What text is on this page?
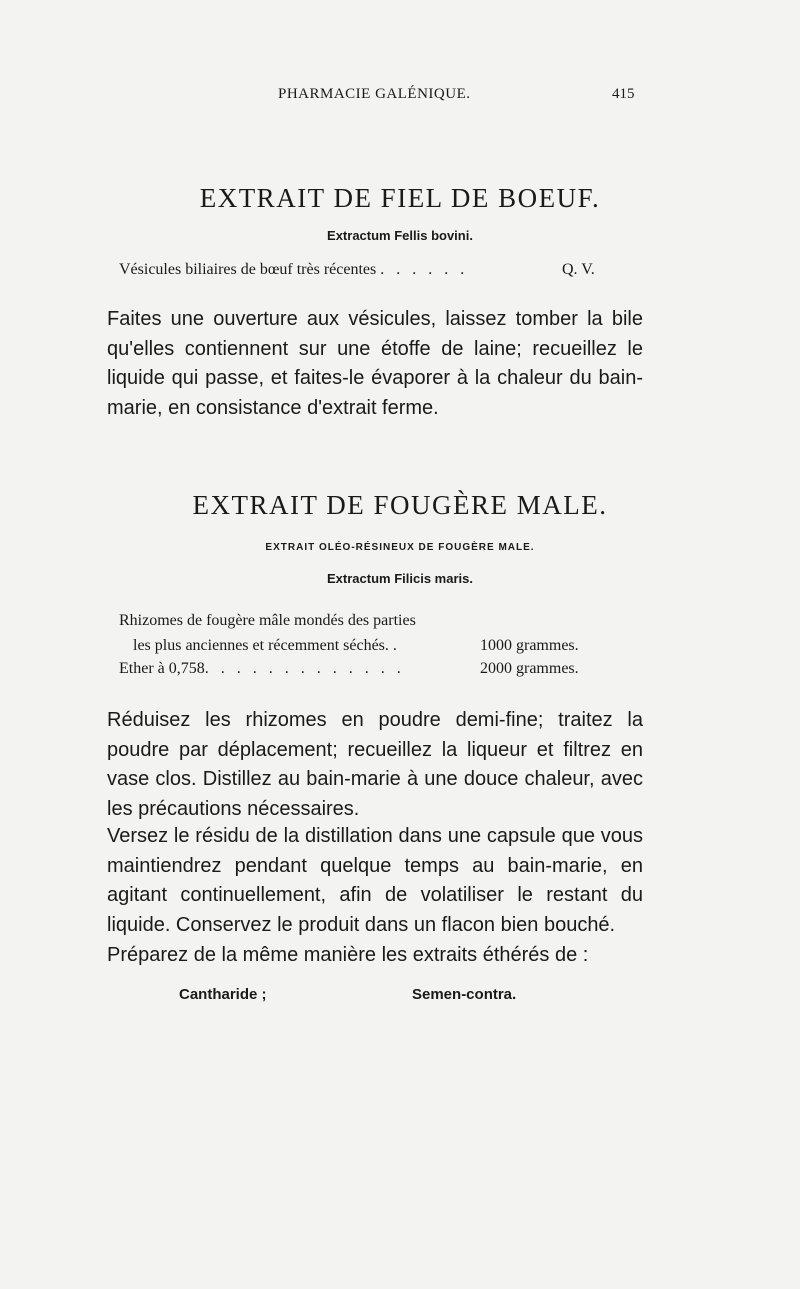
PHARMACIE GALÉNIQUE.	415
EXTRAIT DE FIEL DE BOEUF.
Extractum Fellis bovini.
Vésicules biliaires de bœuf très récentes . . . . . .	Q. V.
Faites une ouverture aux vésicules, laissez tomber la bile qu'elles contiennent sur une étoffe de laine; recueillez le liquide qui passe, et faites-le évaporer à la chaleur du bain-marie, en consistance d'extrait ferme.
EXTRAIT DE FOUGÈRE MALE.
EXTRAIT OLÉO-RÉSINEUX DE FOUGÈRE MALE.
Extractum Filicis maris.
Rhizomes de fougère mâle mondés des parties
les plus anciennes et récemment séchés. .	1000 grammes.
Ether à 0,758. . . . . . . . . . . . .	2000 grammes.
Réduisez les rhizomes en poudre demi-fine; traitez la poudre par déplacement; recueillez la liqueur et filtrez en vase clos. Distillez au bain-marie à une douce chaleur, avec les précautions nécessaires.
Versez le résidu de la distillation dans une capsule que vous maintiendrez pendant quelque temps au bain-marie, en agitant continuellement, afin de volatiliser le restant du liquide. Conservez le produit dans un flacon bien bouché.
Préparez de la même manière les extraits éthérés de :
Cantharide ;	Semen-contra.
